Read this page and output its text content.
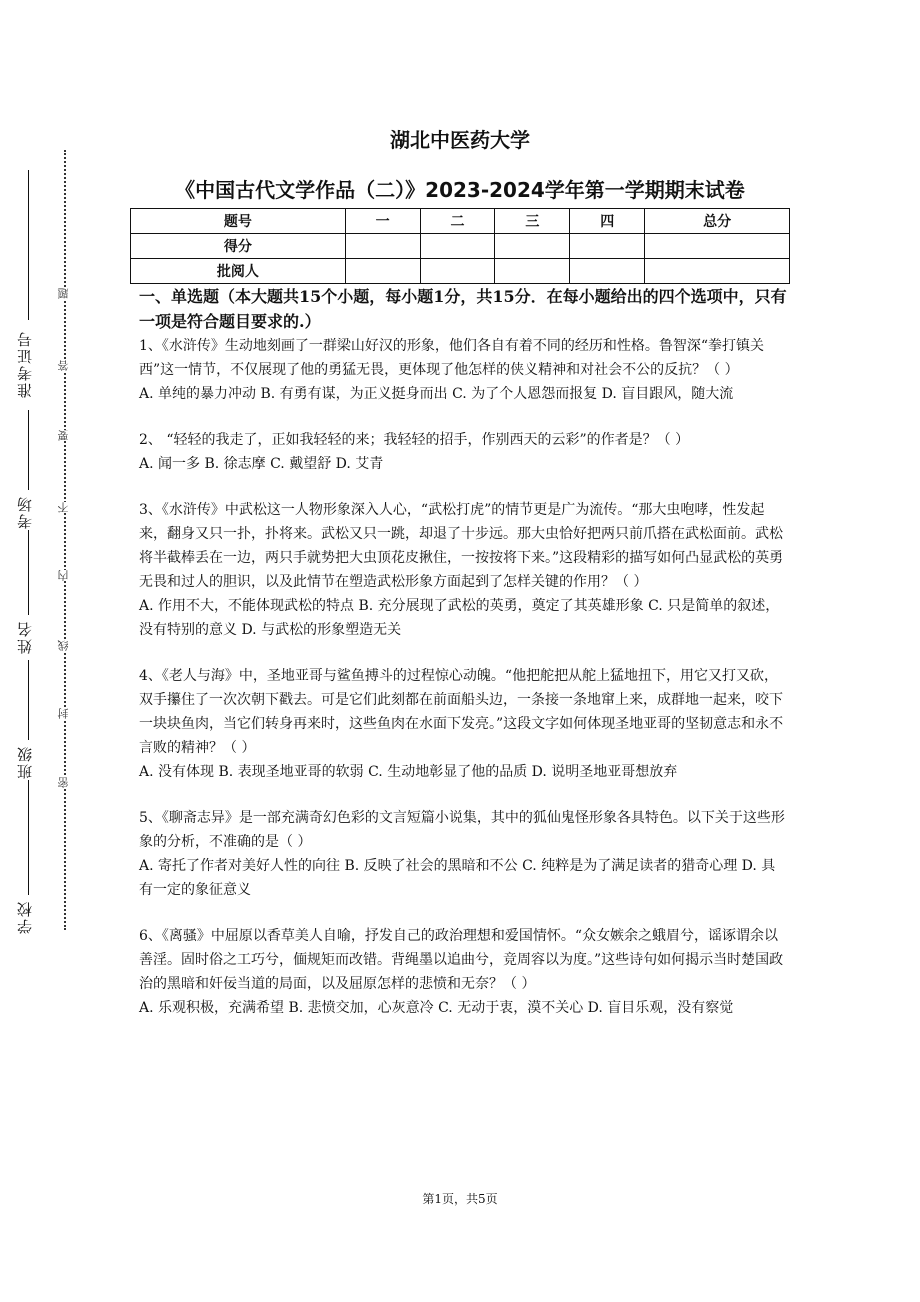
学校
班级
姓名
考场
准考证号
题
答
要
不
内
线
封
密
湖北中医药大学
《中国古代文学作品（二）》2023-2024学年第一学期期末试卷
题号	一	二	三	四	总分
得分					
批阅人					

一、单选题（本大题共15个小题，每小题1分，共15分．在每小题给出的四个选项中，只有一项是符合题目要求的.）

1、《水浒传》生动地刻画了一群梁山好汉的形象，他们各自有着不同的经历和性格。鲁智深“拳打镇关西”这一情节，不仅展现了他的勇猛无畏，更体现了他怎样的侠义精神和对社会不公的反抗？（ ）

A. 单纯的暴力冲动 B. 有勇有谋，为正义挺身而出 C. 为了个人恩怨而报复 D. 盲目跟风，随大流

2、 “轻轻的我走了，正如我轻轻的来；我轻轻的招手，作别西天的云彩”的作者是？（ ）

A. 闻一多 B. 徐志摩 C. 戴望舒 D. 艾青

3、《水浒传》中武松这一人物形象深入人心，“武松打虎”的情节更是广为流传。“那大虫咆哮，性发起来，翻身又只一扑，扑将来。武松又只一跳，却退了十步远。那大虫恰好把两只前爪搭在武松面前。武松将半截棒丢在一边，两只手就势把大虫顶花皮揪住，一按按将下来。”这段精彩的描写如何凸显武松的英勇无畏和过人的胆识，以及此情节在塑造武松形象方面起到了怎样关键的作用？（ ）

A. 作用不大，不能体现武松的特点 B. 充分展现了武松的英勇，奠定了其英雄形象 C. 只是简单的叙述，没有特别的意义 D. 与武松的形象塑造无关

4、《老人与海》中，圣地亚哥与鲨鱼搏斗的过程惊心动魄。“他把舵把从舵上猛地扭下，用它又打又砍，双手攥住了一次次朝下戳去。可是它们此刻都在前面船头边，一条接一条地窜上来，成群地一起来，咬下一块块鱼肉，当它们转身再来时，这些鱼肉在水面下发亮。”这段文字如何体现圣地亚哥的坚韧意志和永不言败的精神？（ ）

A. 没有体现 B. 表现圣地亚哥的软弱 C. 生动地彰显了他的品质 D. 说明圣地亚哥想放弃

5、《聊斋志异》是一部充满奇幻色彩的文言短篇小说集，其中的狐仙鬼怪形象各具特色。以下关于这些形象的分析，不准确的是（ ）

A. 寄托了作者对美好人性的向往 B. 反映了社会的黑暗和不公 C. 纯粹是为了满足读者的猎奇心理 D. 具有一定的象征意义

6、《离骚》中屈原以香草美人自喻，抒发自己的政治理想和爱国情怀。“众女嫉余之蛾眉兮，谣诼谓余以善淫。固时俗之工巧兮，偭规矩而改错。背绳墨以追曲兮，竞周容以为度。”这些诗句如何揭示当时楚国政治的黑暗和奸佞当道的局面，以及屈原怎样的悲愤和无奈？（ ）

A. 乐观积极，充满希望 B. 悲愤交加，心灰意冷 C. 无动于衷，漠不关心 D. 盲目乐观，没有察觉

第1页，共5页
